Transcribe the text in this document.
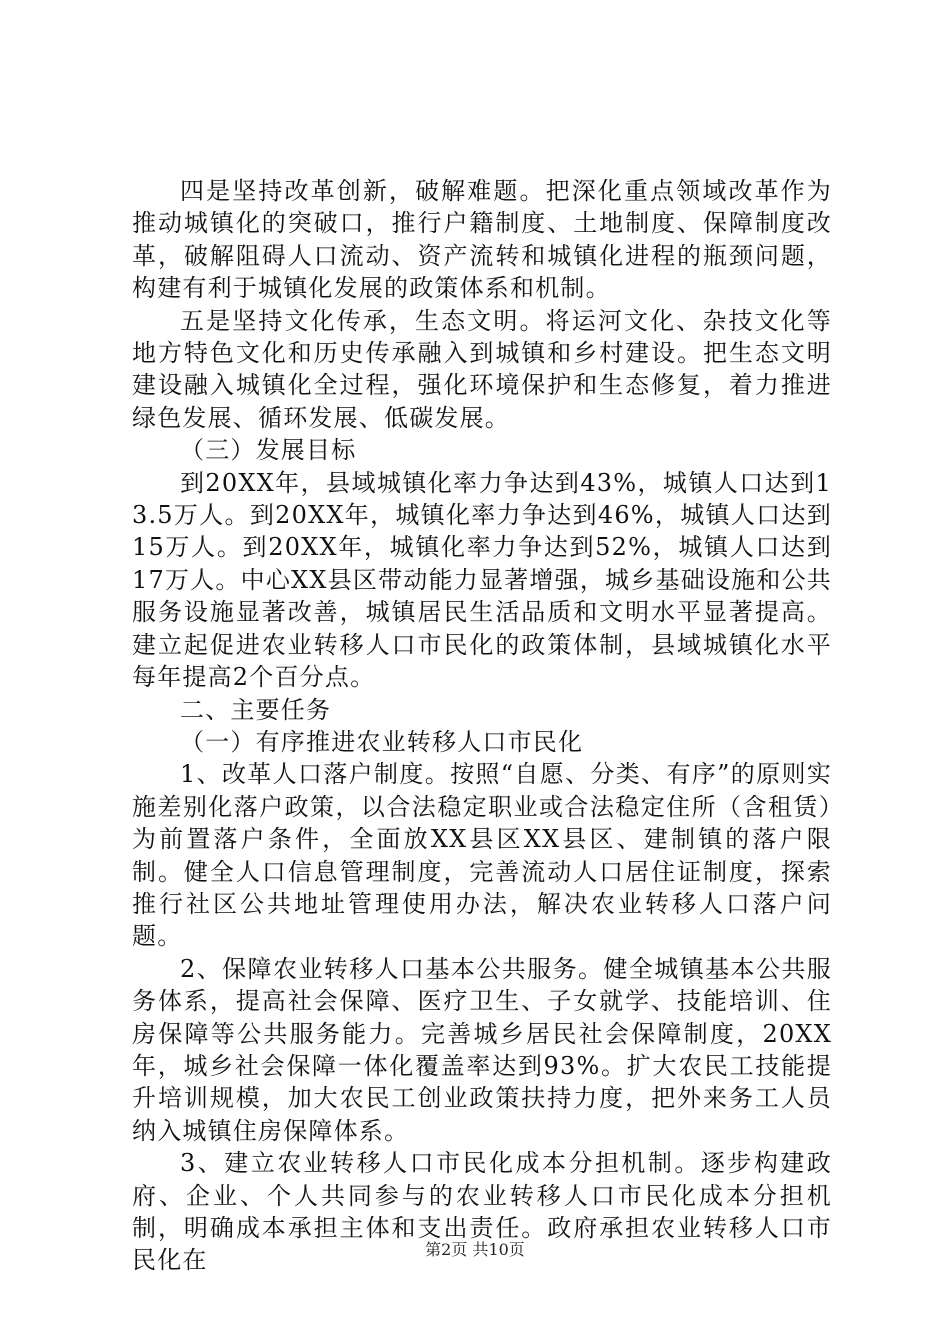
四是坚持改革创新，破解难题。把深化重点领域改革作为推动城镇化的突破口，推行户籍制度、土地制度、保障制度改革，破解阻碍人口流动、资产流转和城镇化进程的瓶颈问题，构建有利于城镇化发展的政策体系和机制。

五是坚持文化传承，生态文明。将运河文化、杂技文化等地方特色文化和历史传承融入到城镇和乡村建设。把生态文明建设融入城镇化全过程，强化环境保护和生态修复，着力推进绿色发展、循环发展、低碳发展。

（三）发展目标

到20XX年，县域城镇化率力争达到43%，城镇人口达到13.5万人。到20XX年，城镇化率力争达到46%，城镇人口达到15万人。到20XX年，城镇化率力争达到52%，城镇人口达到17万人。中心XX县区带动能力显著增强，城乡基础设施和公共服务设施显著改善，城镇居民生活品质和文明水平显著提高。建立起促进农业转移人口市民化的政策体制，县域城镇化水平每年提高2个百分点。

二、主要任务

（一）有序推进农业转移人口市民化

1、改革人口落户制度。按照“自愿、分类、有序”的原则实施差别化落户政策，以合法稳定职业或合法稳定住所（含租赁）为前置落户条件，全面放XX县区XX县区、建制镇的落户限制。健全人口信息管理制度，完善流动人口居住证制度，探索推行社区公共地址管理使用办法，解决农业转移人口落户问题。

2、保障农业转移人口基本公共服务。健全城镇基本公共服务体系，提高社会保障、医疗卫生、子女就学、技能培训、住房保障等公共服务能力。完善城乡居民社会保障制度，20XX年，城乡社会保障一体化覆盖率达到93%。扩大农民工技能提升培训规模，加大农民工创业政策扶持力度，把外来务工人员纳入城镇住房保障体系。

3、建立农业转移人口市民化成本分担机制。逐步构建政府、企业、个人共同参与的农业转移人口市民化成本分担机制，明确成本承担主体和支出责任。政府承担农业转移人口市民化在	第2页 共10页
